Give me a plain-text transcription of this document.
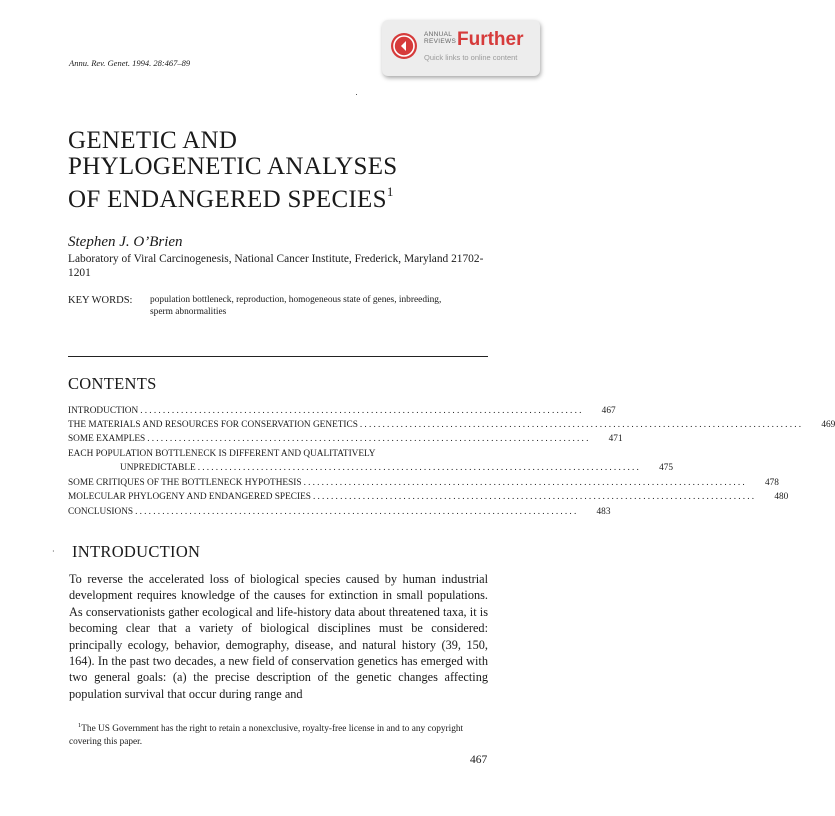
Annu. Rev. Genet. 1994. 28:467–89
ANNUAL
REVIEWS Further
Quick links to online content
GENETIC AND
PHYLOGENETIC ANALYSES
OF ENDANGERED SPECIES$^1$
Stephen J. O’Brien
Laboratory of Viral Carcinogenesis, National Cancer Institute, Frederick, Maryland 21702-1201
KEY WORDS: population bottleneck, reproduction, homogeneous state of genes, inbreeding, sperm abnormalities
CONTENTS
INTRODUCTION ..................................................................................................	467
THE MATERIALS AND RESOURCES FOR CONSERVATION GENETICS ..................................................................................................	469
SOME EXAMPLES ..................................................................................................	471
EACH POPULATION BOTTLENECK IS DIFFERENT AND QUALITATIVELY
UNPREDICTABLE ..................................................................................................	475
SOME CRITIQUES OF THE BOTTLENECK HYPOTHESIS ..................................................................................................	478
MOLECULAR PHYLOGENY AND ENDANGERED SPECIES ..................................................................................................	480
CONCLUSIONS ..................................................................................................	483
· INTRODUCTION

To reverse the accelerated loss of biological species caused by human industrial development requires knowledge of the causes for extinction in small populations. As conservationists gather ecological and life-history data about threatened taxa, it is becoming clear that a variety of biological disciplines must be considered: principally ecology, behavior, demography, disease, and natural history (39, 150, 164). In the past two decades, a new field of conservation genetics has emerged with two general goals: (a) the precise description of the genetic changes affecting population survival that occur during range and

$^1$The US Government has the right to retain a nonexclusive, royalty-free license in and to any copyright covering this paper.
467
